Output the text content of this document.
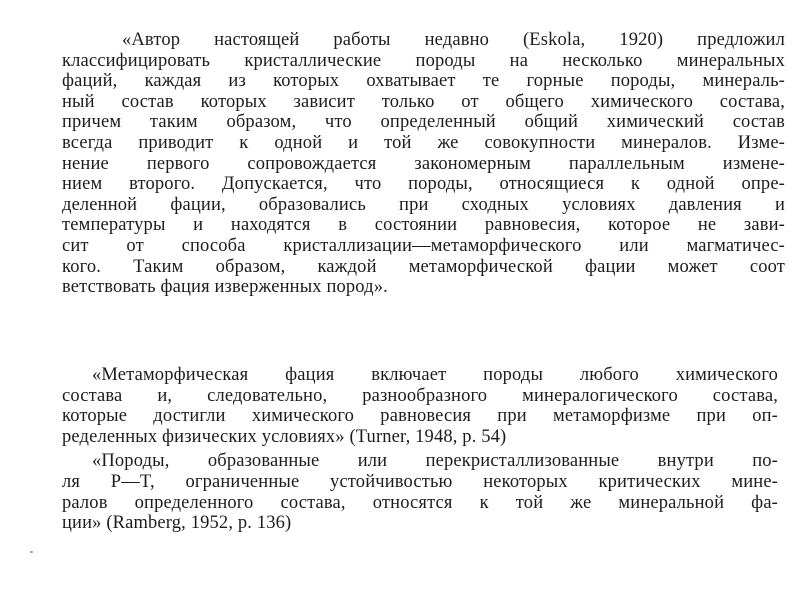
«Автор настоящей работы недавно (Eskola, 1920) предложил
классифицировать кристаллические породы на несколько минеральных
фаций, каждая из которых охватывает те горные породы, минераль-
ный состав которых зависит только от общего химического состава,
причем таким образом, что определенный общий химический состав
всегда приводит к одной и той же совокупности минералов. Изме-
нение первого сопровождается закономерным параллельным измене-
нием второго. Допускается, что породы, относящиеся к одной опре-
деленной фации, образовались при сходных условиях давления и
температуры и находятся в состоянии равновесия, которое не зави-
сит от способа кристаллизации—метаморфического или магматичес-
кого. Таким образом, каждой метаморфической фации может соот
ветствовать фация изверженных пород».
«Метаморфическая фация включает породы любого химического
состава и, следовательно, разнообразного минералогического состава,
которые достигли химического равновесия при метаморфизме при оп-
ределенных физических условиях» (Turner, 1948, p. 54)
«Породы, образованные или перекристаллизованные внутри по-
ля P—T, ограниченные устойчивостью некоторых критических мине-
ралов определенного состава, относятся к той же минеральной фа-
ции» (Ramberg, 1952, p. 136)
